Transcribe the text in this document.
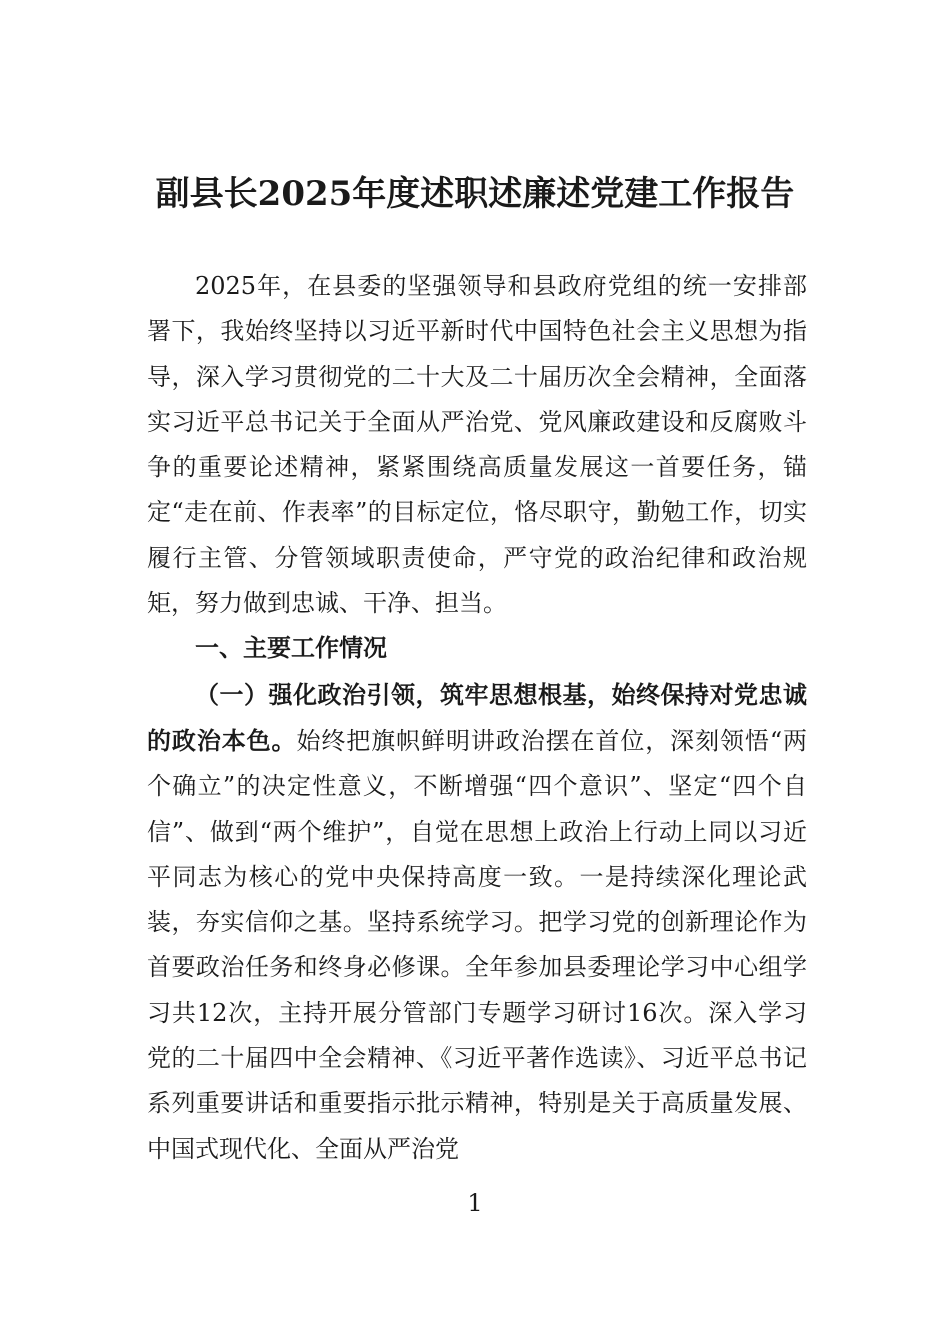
副县长2025年度述职述廉述党建工作报告

2025年，在县委的坚强领导和县政府党组的统一安排部署下，我始终坚持以习近平新时代中国特色社会主义思想为指导，深入学习贯彻党的二十大及二十届历次全会精神，全面落实习近平总书记关于全面从严治党、党风廉政建设和反腐败斗争的重要论述精神，紧紧围绕高质量发展这一首要任务，锚定“走在前、作表率”的目标定位，恪尽职守，勤勉工作，切实履行主管、分管领域职责使命，严守党的政治纪律和政治规矩，努力做到忠诚、干净、担当。

一、主要工作情况

（一）强化政治引领，筑牢思想根基，始终保持对党忠诚的政治本色。始终把旗帜鲜明讲政治摆在首位，深刻领悟“两个确立”的决定性意义，不断增强“四个意识”、坚定“四个自信”、做到“两个维护”，自觉在思想上政治上行动上同以习近平同志为核心的党中央保持高度一致。一是持续深化理论武装，夯实信仰之基。坚持系统学习。把学习党的创新理论作为首要政治任务和终身必修课。全年参加县委理论学习中心组学习共12次，主持开展分管部门专题学习研讨16次。深入学习党的二十届四中全会精神、《习近平著作选读》、习近平总书记系列重要讲话和重要指示批示精神，特别是关于高质量发展、中国式现代化、全面从严治党

1
